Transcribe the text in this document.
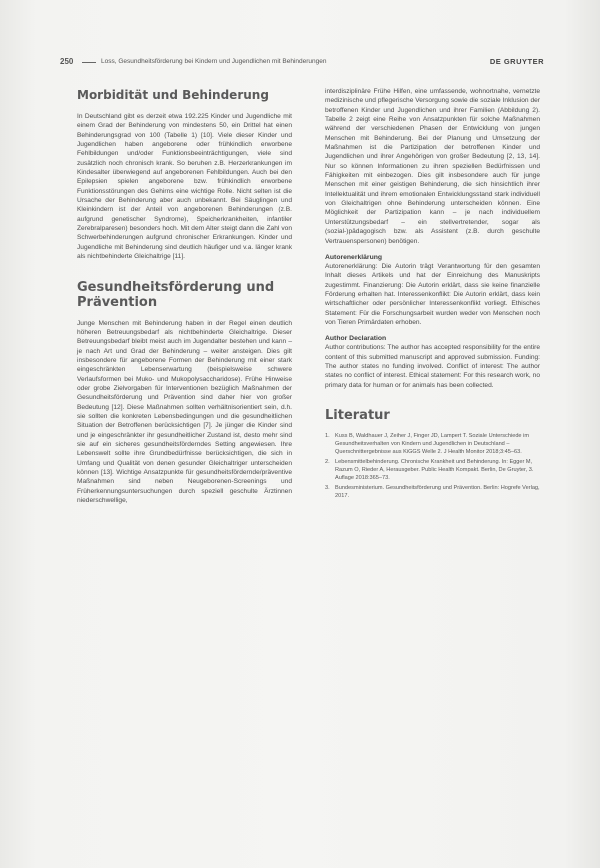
250	Loss, Gesundheitsförderung bei Kindern und Jugendlichen mit Behinderungen	DE GRUYTER
Morbidität und Behinderung

In Deutschland gibt es derzeit etwa 192.225 Kinder und Jugendliche mit einem Grad der Behinderung von mindestens 50, ein Drittel hat einen Behinderungsgrad von 100 (Tabelle 1) [10]. Viele dieser Kinder und Jugendlichen haben angeborene oder frühkindlich erworbene Fehlbildungen und/oder Funktionsbeeinträchtigungen, viele sind zusätzlich noch chronisch krank. So beruhen z.B. Herzerkrankungen im Kindesalter überwiegend auf angeborenen Fehlbildungen. Auch bei den Epilepsien spielen angeborene bzw. frühkindlich erworbene Funktionsstörungen des Gehirns eine wichtige Rolle. Nicht selten ist die Ursache der Behinderung aber auch unbekannt. Bei Säuglingen und Kleinkindern ist der Anteil von angeborenen Behinderungen (z.B. aufgrund genetischer Syndrome), Speicherkrankheiten, infantiler Zerebralparesen) besonders hoch. Mit dem Alter steigt dann die Zahl von Schwerbehinderungen aufgrund chronischer Erkrankungen. Kinder und Jugendliche mit Behinderung sind deutlich häufiger und v.a. länger krank als nichtbehinderte Gleichaltrige [11].

Gesundheitsförderung und Prävention

Junge Menschen mit Behinderung haben in der Regel einen deutlich höheren Betreuungsbedarf als nichtbehinderte Gleichaltrige. Dieser Betreuungsbedarf bleibt meist auch im Jugendalter bestehen und kann – je nach Art und Grad der Behinderung – weiter ansteigen. Dies gilt insbesondere für angeborene Formen der Behinderung mit einer stark eingeschränkten Lebenserwartung (beispielsweise schwere Verlaufsformen bei Muko- und Mukopolysaccharidose). Frühe Hinweise oder grobe Zielvorgaben für Interventionen bezüglich Maßnahmen der Gesundheitsförderung und Prävention sind daher hier von großer Bedeutung [12]. Diese Maßnahmen sollten verhältnisorientiert sein, d.h. sie sollten die konkreten Lebensbedingungen und die gesundheitlichen Situation der Betroffenen berücksichtigen [7]. Je jünger die Kinder sind und je eingeschränkter ihr gesundheitlicher Zustand ist, desto mehr sind sie auf ein sicheres gesundheitsförderndes Setting angewiesen. Ihre Lebenswelt sollte ihre Grundbedürfnisse berücksichtigen, die sich in Umfang und Qualität von denen gesunder Gleichaltriger unterscheiden können [13]. Wichtige Ansatzpunkte für gesundheitsfördernde/präventive Maßnahmen sind neben Neugeborenen-Screenings und Früherkennungsuntersuchungen durch speziell geschulte Ärztinnen niederschwellige,

interdisziplinäre Frühe Hilfen, eine umfassende, wohnortnahe, vernetzte medizinische und pflegerische Versorgung sowie die soziale Inklusion der betroffenen Kinder und Jugendlichen und ihrer Familien (Abbildung 2). Tabelle 2 zeigt eine Reihe von Ansatzpunkten für solche Maßnahmen während der verschiedenen Phasen der Entwicklung von jungen Menschen mit Behinderung. Bei der Planung und Umsetzung der Maßnahmen ist die Partizipation der betroffenen Kinder und Jugendlichen und ihrer Angehörigen von großer Bedeutung [2, 13, 14]. Nur so können Informationen zu ihren speziellen Bedürfnissen und Fähigkeiten mit einbezogen. Dies gilt insbesondere auch für junge Menschen mit einer geistigen Behinderung, die sich hinsichtlich ihrer Intellektualität und ihrem emotionalen Entwicklungsstand stark individuell von Gleichaltrigen ohne Behinderung unterscheiden können. Eine Möglichkeit der Partizipation kann – je nach individuellem Unterstützungsbedarf – ein stellvertretender, sogar als (sozial-)pädagogisch bzw. als Assistent (z.B. durch geschulte Vertrauenspersonen) benötigen.

Autorenerklärung

Autorenerklärung: Die Autorin trägt Verantwortung für den gesamten Inhalt dieses Artikels und hat der Einreichung des Manuskripts zugestimmt. Finanzierung: Die Autorin erklärt, dass sie keine finanzielle Förderung erhalten hat. Interessenkonflikt: Die Autorin erklärt, dass kein wirtschaftlicher oder persönlicher Interessenkonflikt vorliegt. Ethisches Statement: Für die Forschungsarbeit wurden weder von Menschen noch von Tieren Primärdaten erhoben.

Author Declaration

Author contributions: The author has accepted responsibility for the entire content of this submitted manuscript and approved submission. Funding: The author states no funding involved. Conflict of interest: The author states no conflict of interest. Ethical statement: For this research work, no primary data for human or for animals has been collected.

Literatur
1. Kuss B, Waldhauer J, Zeiher J, Finger JD, Lampert T. Soziale Unterschiede im Gesundheitsverhalten von Kindern und Jugendlichen in Deutschland – Querschnittergebnisse aus KiGGS Welle 2. J Health Monitor 2018;3:45–63.
2. Lebensmittelbehinderung. Chronische Krankheit und Behinderung. In: Egger M, Razum O, Rieder A, Herausgeber. Public Health Kompakt. Berlin, De Gruyter, 3. Auflage 2018:365–73.
3. Bundesministerium. Gesundheitsförderung und Prävention. Berlin: Hogrefe Verlag, 2017.
